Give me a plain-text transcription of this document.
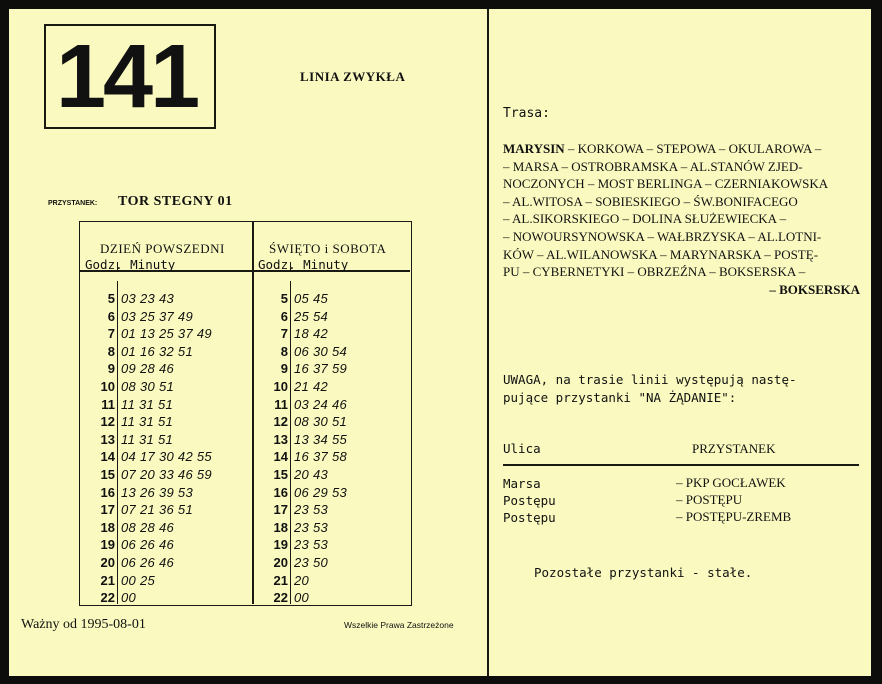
141	LINIA ZWYKŁA
PRZYSTANEK: TOR STEGNY 01
DZIEŃ POWSZEDNI
Godz. Minuty
ŚWIĘTO i SOBOTA
Godz. Minuty
5 03 23 43
6 03 25 37 49
7 01 13 25 37 49
8 01 16 32 51
9 09 28 46
10 08 30 51
11 11 31 51
12 11 31 51
13 11 31 51
14 04 17 30 42 55
15 07 20 33 46 59
16 13 26 39 53
17 07 21 36 51
18 08 28 46
19 06 26 46
20 06 26 46
21 00 25
22 00
5 05 45
6 25 54
7 18 42
8 06 30 54
9 16 37 59
10 21 42
11 03 24 46
12 08 30 51
13 13 34 55
14 16 37 58
15 20 43
16 06 29 53
17 23 53
18 23 53
19 23 53
20 23 50
21 20
22 00
Ważny od 1995-08-01	Wszelkie Prawa Zastrzeżone
Trasa:
MARYSIN – KORKOWA – STEPOWA – OKULAROWA –
– MARSA – OSTROBRAMSKA – AL.STANÓW ZJED-
NOCZONYCH – MOST BERLINGA – CZERNIAKOWSKA
– AL.WITOSA – SOBIESKIEGO – ŚW.BONIFACEGO
– AL.SIKORSKIEGO – DOLINA SŁUŻEWIECKA –
– NOWOURSYNOWSKA – WAŁBRZYSKA – AL.LOTNI-
KÓW – AL.WILANOWSKA – MARYNARSKA – POSTĘ-
PU – CYBERNETYKI – OBRZEŹNA – BOKSERSKA –
– BOKSERSKA
UWAGA, na trasie linii występują nastę-
pujące przystanki "NA ŻĄDANIE":
Ulica	PRZYSTANEK
Marsa	– PKP GOCŁAWEK
Postępu	– POSTĘPU
Postępu	– POSTĘPU-ZREMB
Pozostałe przystanki - stałe.
